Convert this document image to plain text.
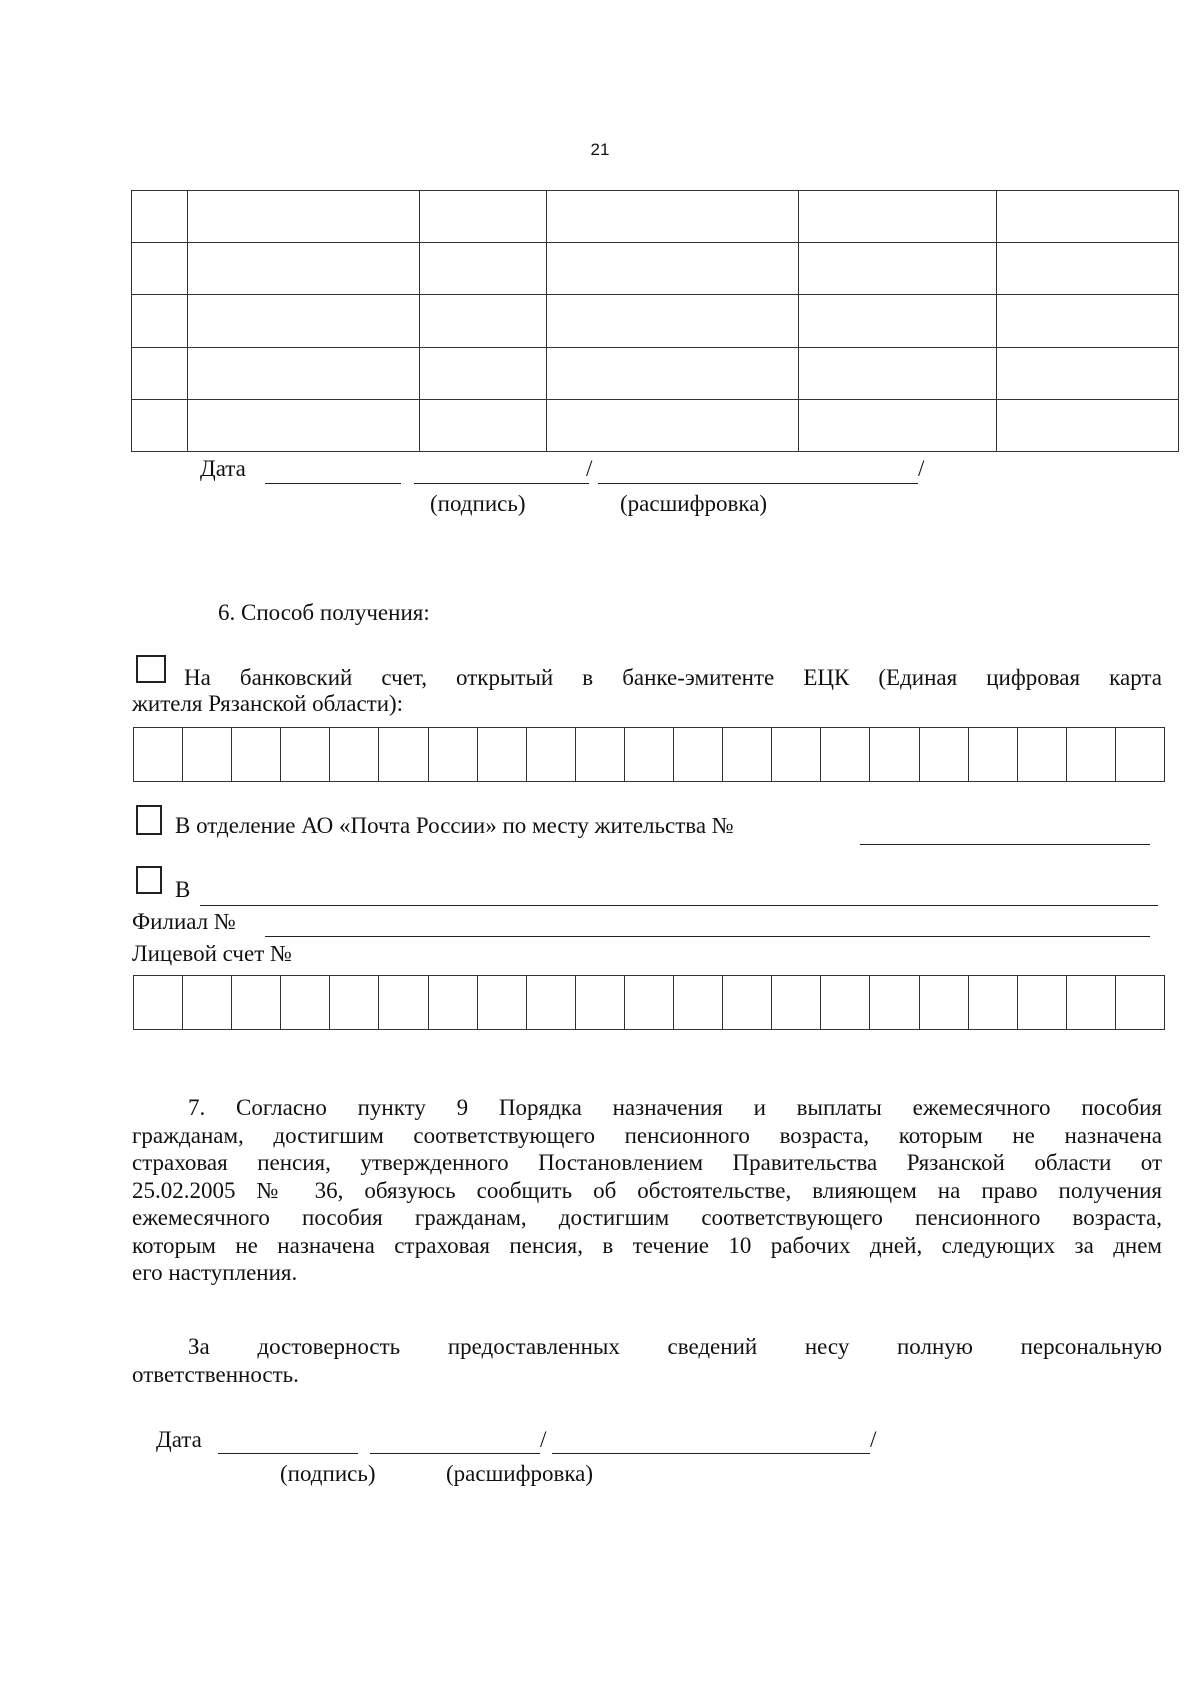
21

Дата	/	/
(подпись)	(расшифровка)
6. Способ получения:
На банковский счет, открытый в банке-эмитенте ЕЦК (Единая цифровая карта
жителя Рязанской области):

В отделение АО «Почта России» по месту жительства №
В
Филиал №
Лицевой счет №

7. Согласно пункту 9 Порядка назначения и выплаты ежемесячного пособия
гражданам, достигшим соответствующего пенсионного возраста, которым не назначена
страховая пенсия, утвержденного Постановлением Правительства Рязанской области от
25.02.2005 № 36, обязуюсь сообщить об обстоятельстве, влияющем на право получения
ежемесячного пособия гражданам, достигшим соответствующего пенсионного возраста,
которым не назначена страховая пенсия, в течение 10 рабочих дней, следующих за днем
его наступления.
За достоверность предоставленных сведений несу полную персональную
ответственность.
Дата	/	/
(подпись)	(расшифровка)
